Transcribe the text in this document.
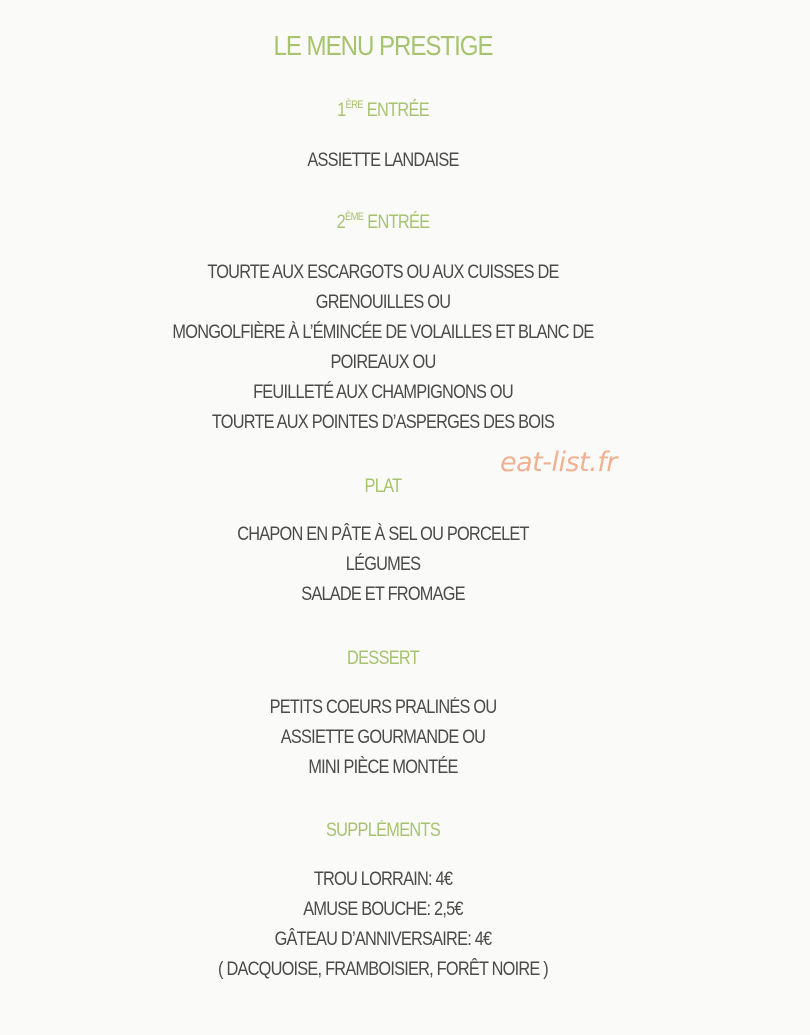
LE MENU PRESTIGE
1ÈRE ENTRÉE
ASSIETTE LANDAISE
2ÈME ENTRÉE
TOURTE AUX ESCARGOTS OU AUX CUISSES DE
GRENOUILLES OU
MONGOLFIÈRE À L’ÉMINCÉE DE VOLAILLES ET BLANC DE
POIREAUX OU
FEUILLETÉ AUX CHAMPIGNONS OU
TOURTE AUX POINTES D’ASPERGES DES BOIS
PLAT
CHAPON EN PÂTE À SEL OU PORCELET
LÉGUMES
SALADE ET FROMAGE
DESSERT
PETITS COEURS PRALINÉS OU
ASSIETTE GOURMANDE OU
MINI PIÈCE MONTÉE
SUPPLÉMENTS
TROU LORRAIN: 4€
AMUSE BOUCHE: 2,5€
GÂTEAU D’ANNIVERSAIRE: 4€
( DACQUOISE, FRAMBOISIER, FORÊT NOIRE )
eat-list.fr
